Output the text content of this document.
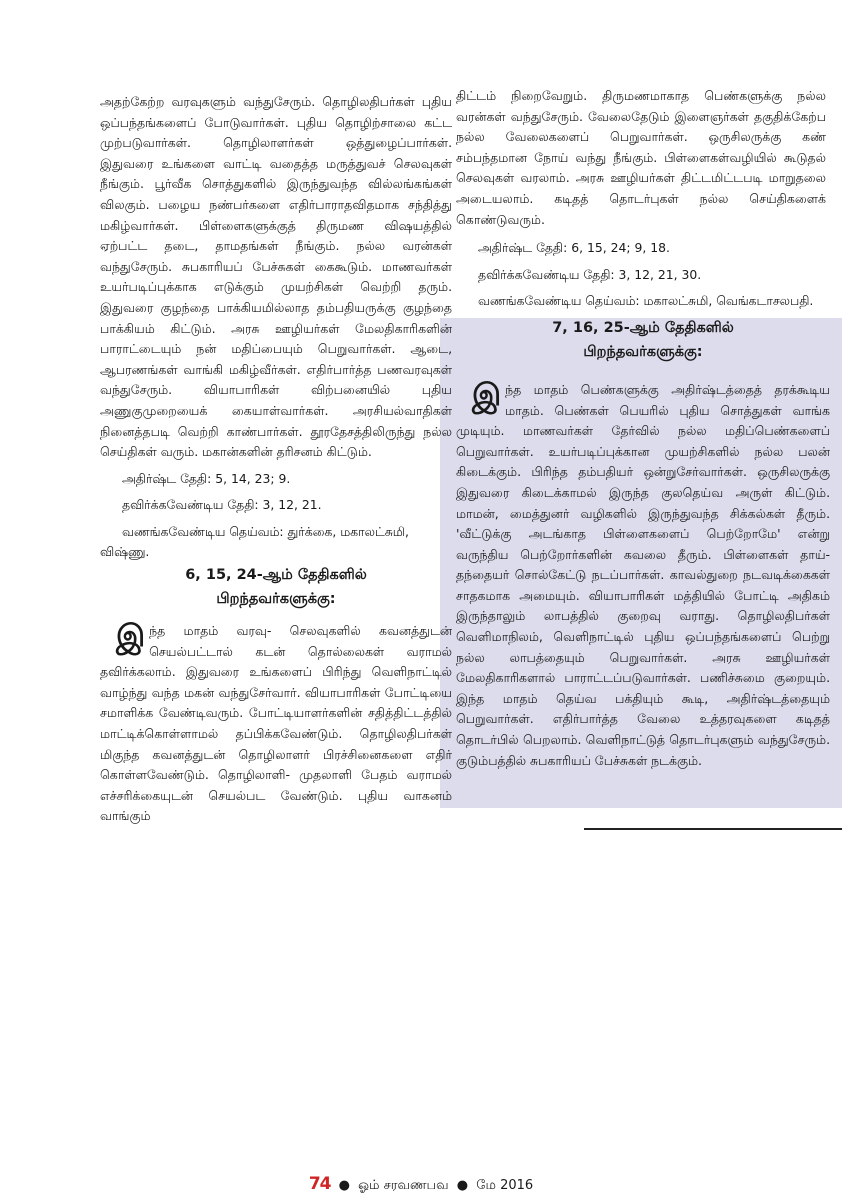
அதற்கேற்ற வரவுகளும் வந்துசேரும். தொழிலதிபர்கள் புதிய ஒப்பந்தங்களைப் போடுவார்கள். புதிய தொழிற்சாலை கட்ட முற்படுவார்கள். தொழிலாளர்கள் ஒத்துழைப்பார்கள். இதுவரை உங்களை வாட்டி வதைத்த மருத்துவச் செலவுகள் நீங்கும். பூர்வீக சொத்துகளில் இருந்துவந்த வில்லங்கங்கள் விலகும். பழைய நண்பர்களை எதிர்பாராதவிதமாக சந்தித்து மகிழ்வார்கள். பிள்ளைகளுக்குத் திருமண விஷயத்தில் ஏற்பட்ட தடை, தாமதங்கள் நீங்கும். நல்ல வரன்கள் வந்துசேரும். சுபகாரியப் பேச்சுகள் கைகூடும். மாணவர்கள் உயர்படிப்புக்காக எடுக்கும் முயற்சிகள் வெற்றி தரும். இதுவரை குழந்தை பாக்கியமில்லாத தம்பதியருக்கு குழந்தை பாக்கியம் கிட்டும். அரசு ஊழியர்கள் மேலதிகாரிகளின் பாராட்டையும் நன் மதிப்பையும் பெறுவார்கள். ஆடை, ஆபரணங்கள் வாங்கி மகிழ்வீர்கள். எதிர்பார்த்த பணவரவுகள் வந்துசேரும். வியாபாரிகள் விற்பனையில் புதிய அணுகுமுறையைக் கையாள்வார்கள். அரசியல்வாதிகள் நினைத்தபடி வெற்றி காண்பார்கள். தூரதேசத்திலிருந்து நல்ல செய்திகள் வரும். மகான்களின் தரிசனம் கிட்டும்.

அதிர்ஷ்ட தேதி: 5, 14, 23; 9.

தவிர்க்கவேண்டிய தேதி: 3, 12, 21.

வணங்கவேண்டிய தெய்வம்: துர்க்கை, மகாலட்சுமி, விஷ்ணு.

6, 15, 24-ஆம் தேதிகளில்
பிறந்தவர்களுக்கு:

இந்த மாதம் வரவு- செலவுகளில் கவனத்துடன் செயல்பட்டால் கடன் தொல்லைகள் வராமல் தவிர்க்கலாம். இதுவரை உங்களைப் பிரிந்து வெளிநாட்டில் வாழ்ந்து வந்த மகன் வந்துசேர்வார். வியாபாரிகள் போட்டியை சமாளிக்க வேண்டிவரும். போட்டியாளர்களின் சதித்திட்டத்தில் மாட்டிக்கொள்ளாமல் தப்பிக்கவேண்டும். தொழிலதிபர்கள் மிகுந்த கவனத்துடன் தொழிலாளர் பிரச்சினைகளை எதிர் கொள்ளவேண்டும். தொழிலாளி- முதலாளி பேதம் வராமல் எச்சரிக்கையுடன் செயல்பட வேண்டும். புதிய வாகனம் வாங்கும்

திட்டம் நிறைவேறும். திருமணமாகாத பெண்களுக்கு நல்ல வரன்கள் வந்துசேரும். வேலைதேடும் இளைஞர்கள் தகுதிக்கேற்ப நல்ல வேலைகளைப் பெறுவார்கள். ஒருசிலருக்கு கண் சம்பந்தமான நோய் வந்து நீங்கும். பிள்ளைகள்வழியில் கூடுதல் செலவுகள் வரலாம். அரசு ஊழியர்கள் திட்டமிட்டபடி மாறுதலை அடையலாம். கடிதத் தொடர்புகள் நல்ல செய்திகளைக் கொண்டுவரும்.

அதிர்ஷ்ட தேதி: 6, 15, 24; 9, 18.

தவிர்க்கவேண்டிய தேதி: 3, 12, 21, 30.

வணங்கவேண்டிய தெய்வம்: மகாலட்சுமி, வெங்கடாசலபதி.

7, 16, 25-ஆம் தேதிகளில்
பிறந்தவர்களுக்கு:

இந்த மாதம் பெண்களுக்கு அதிர்ஷ்டத்தைத் தரக்கூடிய மாதம். பெண்கள் பெயரில் புதிய சொத்துகள் வாங்க முடியும். மாணவர்கள் தேர்வில் நல்ல மதிப்பெண்களைப் பெறுவார்கள். உயர்படிப்புக்கான முயற்சிகளில் நல்ல பலன் கிடைக்கும். பிரிந்த தம்பதியர் ஒன்றுசேர்வார்கள். ஒருசிலருக்கு இதுவரை கிடைக்காமல் இருந்த குலதெய்வ அருள் கிட்டும். மாமன், மைத்துனர் வழிகளில் இருந்துவந்த சிக்கல்கள் தீரும். 'வீட்டுக்கு அடங்காத பிள்ளைகளைப் பெற்றோமே' என்று வருந்திய பெற்றோர்களின் கவலை தீரும். பிள்ளைகள் தாய்-தந்தையர் சொல்கேட்டு நடப்பார்கள். காவல்துறை நடவடிக்கைகள் சாதகமாக அமையும். வியாபாரிகள் மத்தியில் போட்டி அதிகம் இருந்தாலும் லாபத்தில் குறைவு வராது. தொழிலதிபர்கள் வெளிமாநிலம், வெளிநாட்டில் புதிய ஒப்பந்தங்களைப் பெற்று நல்ல லாபத்தையும் பெறுவார்கள். அரசு ஊழியர்கள் மேலதிகாரிகளால் பாராட்டப்படுவார்கள். பணிச்சுமை குறையும். இந்த மாதம் தெய்வ பக்தியும் கூடி, அதிர்ஷ்டத்தையும் பெறுவார்கள். எதிர்பார்த்த வேலை உத்தரவுகளை கடிதத் தொடர்பில் பெறலாம். வெளிநாட்டுத் தொடர்புகளும் வந்துசேரும். குடும்பத்தில் சுபகாரியப் பேச்சுகள் நடக்கும்.

74 ● ஓம் சரவணபவ ● மே 2016
